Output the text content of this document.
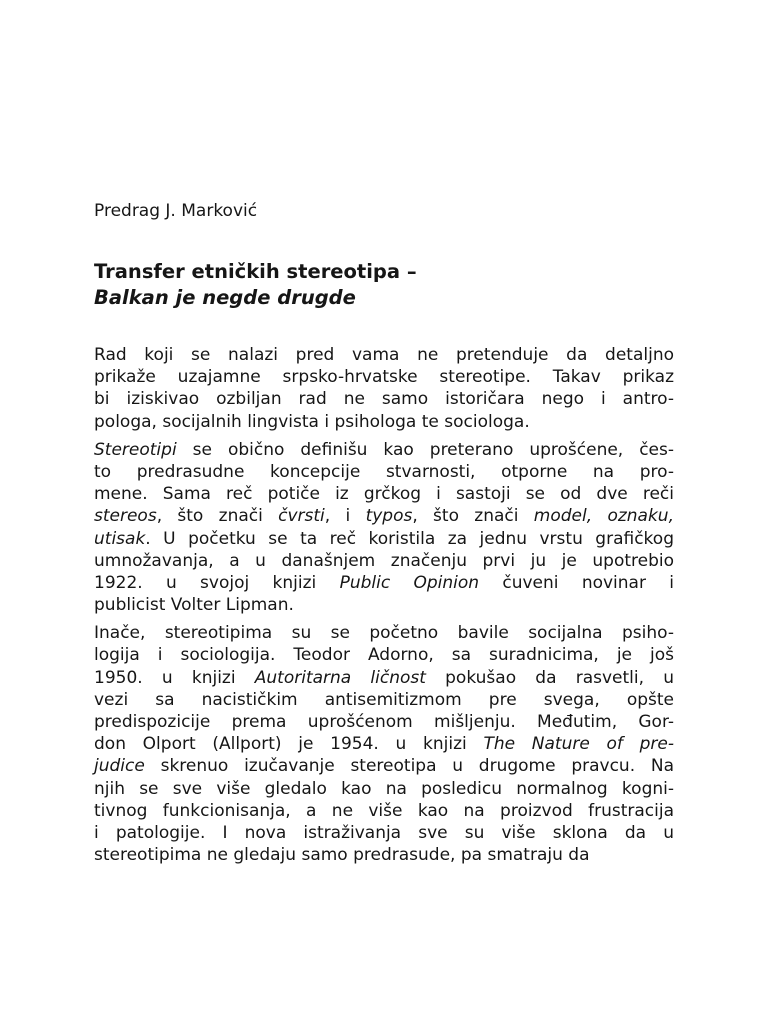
Predrag J. Marković
Transfer etničkih stereotipa –
Balkan je negde drugde
Rad koji se nalazi pred vama ne pretenduje da detaljno
prikaže uzajamne srpsko-hrvatske stereotipe. Takav prikaz
bi iziskivao ozbiljan rad ne samo istoričara nego i antro-
pologa, socijalnih lingvista i psihologa te sociologa.
Stereotipi se obično definišu kao preterano uprošćene, čes-
to predrasudne koncepcije stvarnosti, otporne na pro-
mene. Sama reč potiče iz grčkog i sastoji se od dve reči
stereos, što znači čvrsti, i typos, što znači model, oznaku,
utisak. U početku se ta reč koristila za jednu vrstu grafičkog
umnožavanja, a u današnjem značenju prvi ju je upotrebio
1922. u svojoj knjizi Public Opinion čuveni novinar i
publicist Volter Lipman.
Inače, stereotipima su se početno bavile socijalna psiho-
logija i sociologija. Teodor Adorno, sa suradnicima, je još
1950. u knjizi Autoritarna ličnost pokušao da rasvetli, u
vezi sa nacističkim antisemitizmom pre svega, opšte
predispozicije prema uprošćenom mišljenju. Međutim, Gor-
don Olport (Allport) je 1954. u knjizi The Nature of pre-
judice skrenuo izučavanje stereotipa u drugome pravcu. Na
njih se sve više gledalo kao na posledicu normalnog kogni-
tivnog funkcionisanja, a ne više kao na proizvod frustracija
i patologije. I nova istraživanja sve su više sklona da u
stereotipima ne gledaju samo predrasude, pa smatraju da
